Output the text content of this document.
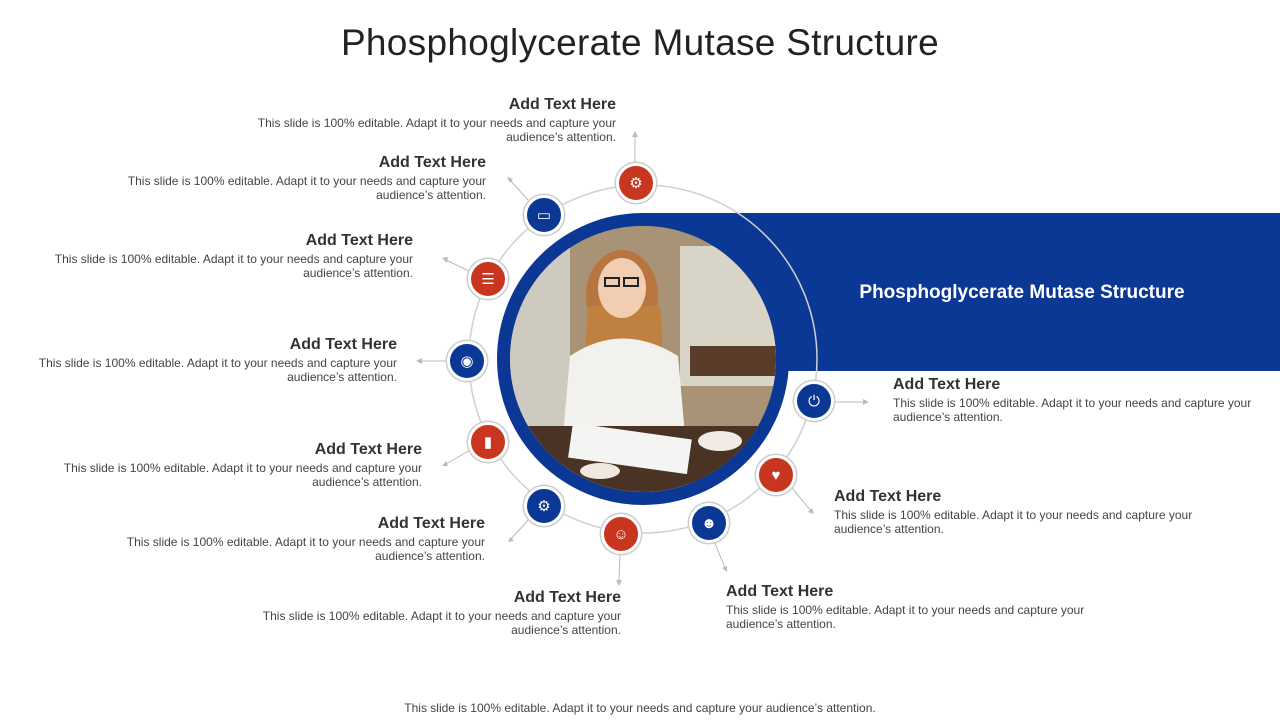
Phosphoglycerate Mutase Structure
Phosphoglycerate Mutase Structure
⚙
▭
☰
◉
▮
⚙
☺
☻
♥
⏻
Add Text Here
This slide is 100% editable. Adapt it to your needs and capture your audience’s attention.
Add Text Here
This slide is 100% editable. Adapt it to your needs and capture your audience’s attention.
Add Text Here
This slide is 100% editable. Adapt it to your needs and capture your audience’s attention.
Add Text Here
This slide is 100% editable. Adapt it to your needs and capture your audience’s attention.
Add Text Here
This slide is 100% editable. Adapt it to your needs and capture your audience’s attention.
Add Text Here
This slide is 100% editable. Adapt it to your needs and capture your audience’s attention.
Add Text Here
This slide is 100% editable. Adapt it to your needs and capture your audience’s attention.
Add Text Here
This slide is 100% editable. Adapt it to your needs and capture your audience’s attention.
Add Text Here
This slide is 100% editable. Adapt it to your needs and capture your audience’s attention.
Add Text Here
This slide is 100% editable. Adapt it to your needs and capture your audience’s attention.
This slide is 100% editable. Adapt it to your needs and capture your audience’s attention.
